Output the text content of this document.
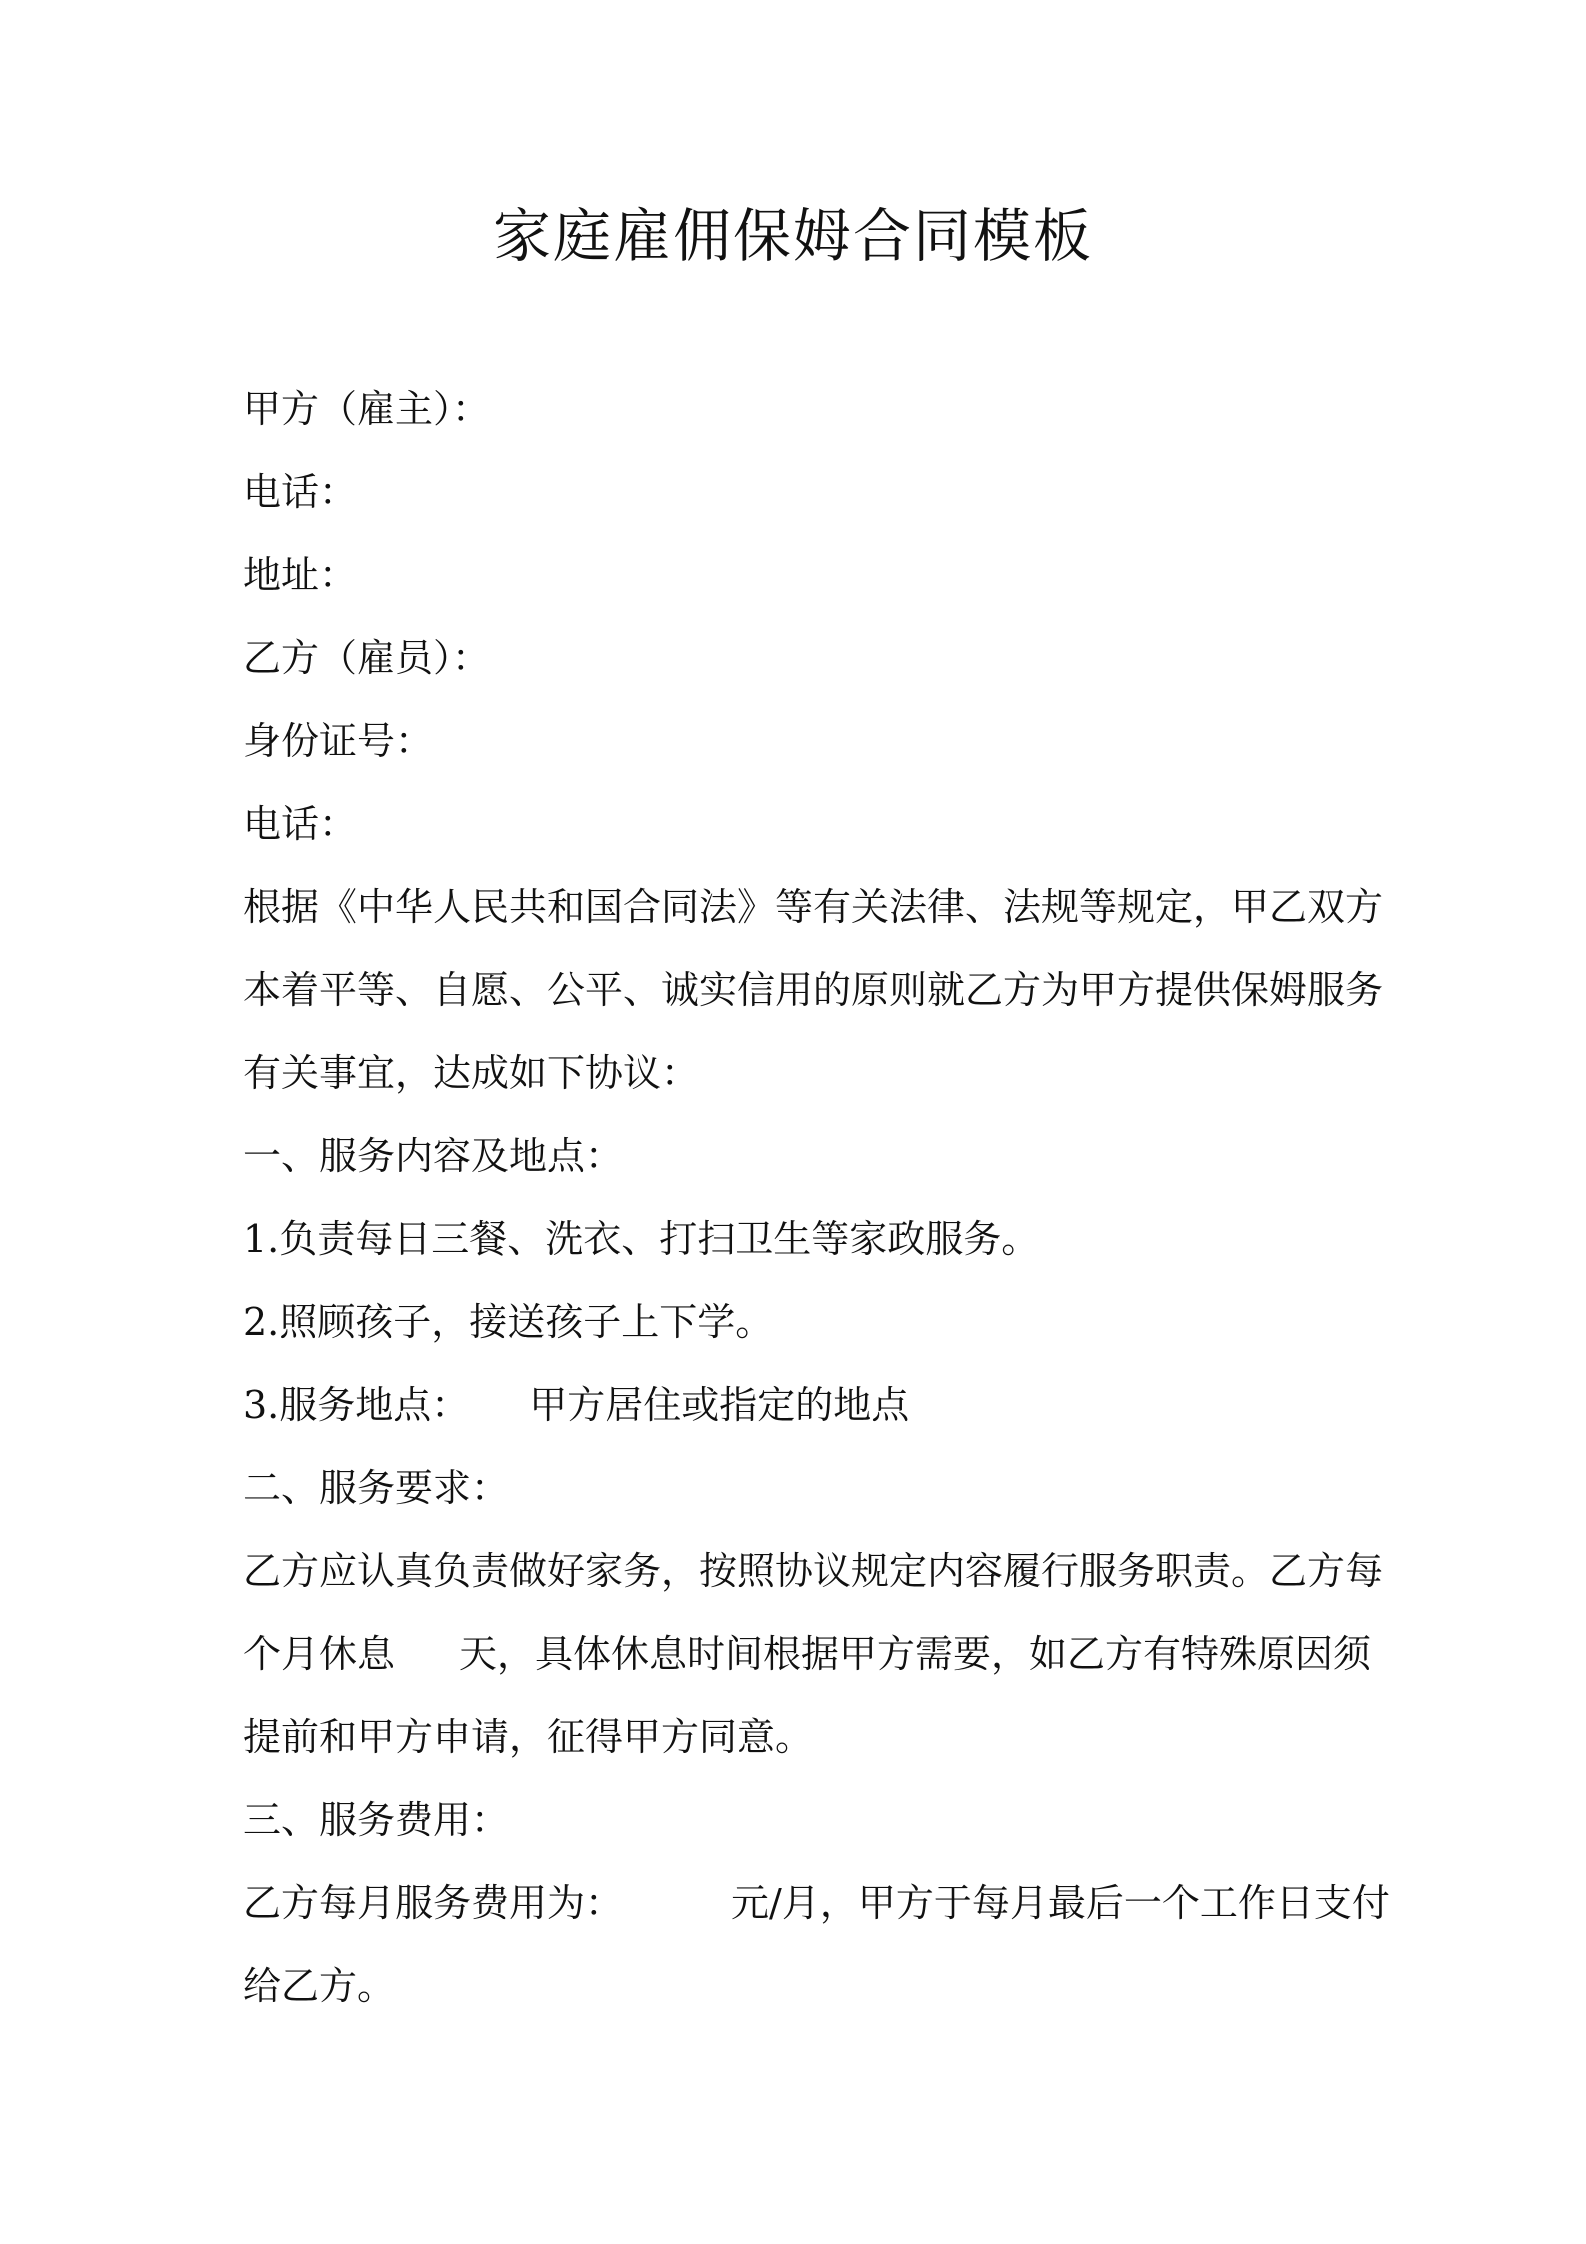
家庭雇佣保姆合同模板
甲方（雇主）：
电话：
地址：
乙方（雇员）：
身份证号：
电话：
根据《中华人民共和国合同法》等有关法律、法规等规定，甲乙双方
本着平等、自愿、公平、诚实信用的原则就乙方为甲方提供保姆服务
有关事宜，达成如下协议：
一、服务内容及地点：
1.负责每日三餐、洗衣、打扫卫生等家政服务。
2.照顾孩子，接送孩子上下学。
3.服务地点： 甲方居住或指定的地点
二、服务要求：
乙方应认真负责做好家务，按照协议规定内容履行服务职责。乙方每
个月休息 天，具体休息时间根据甲方需要，如乙方有特殊原因须
提前和甲方申请，征得甲方同意。
三、服务费用：
乙方每月服务费用为：	元/月，甲方于每月最后一个工作日支付
给乙方。
